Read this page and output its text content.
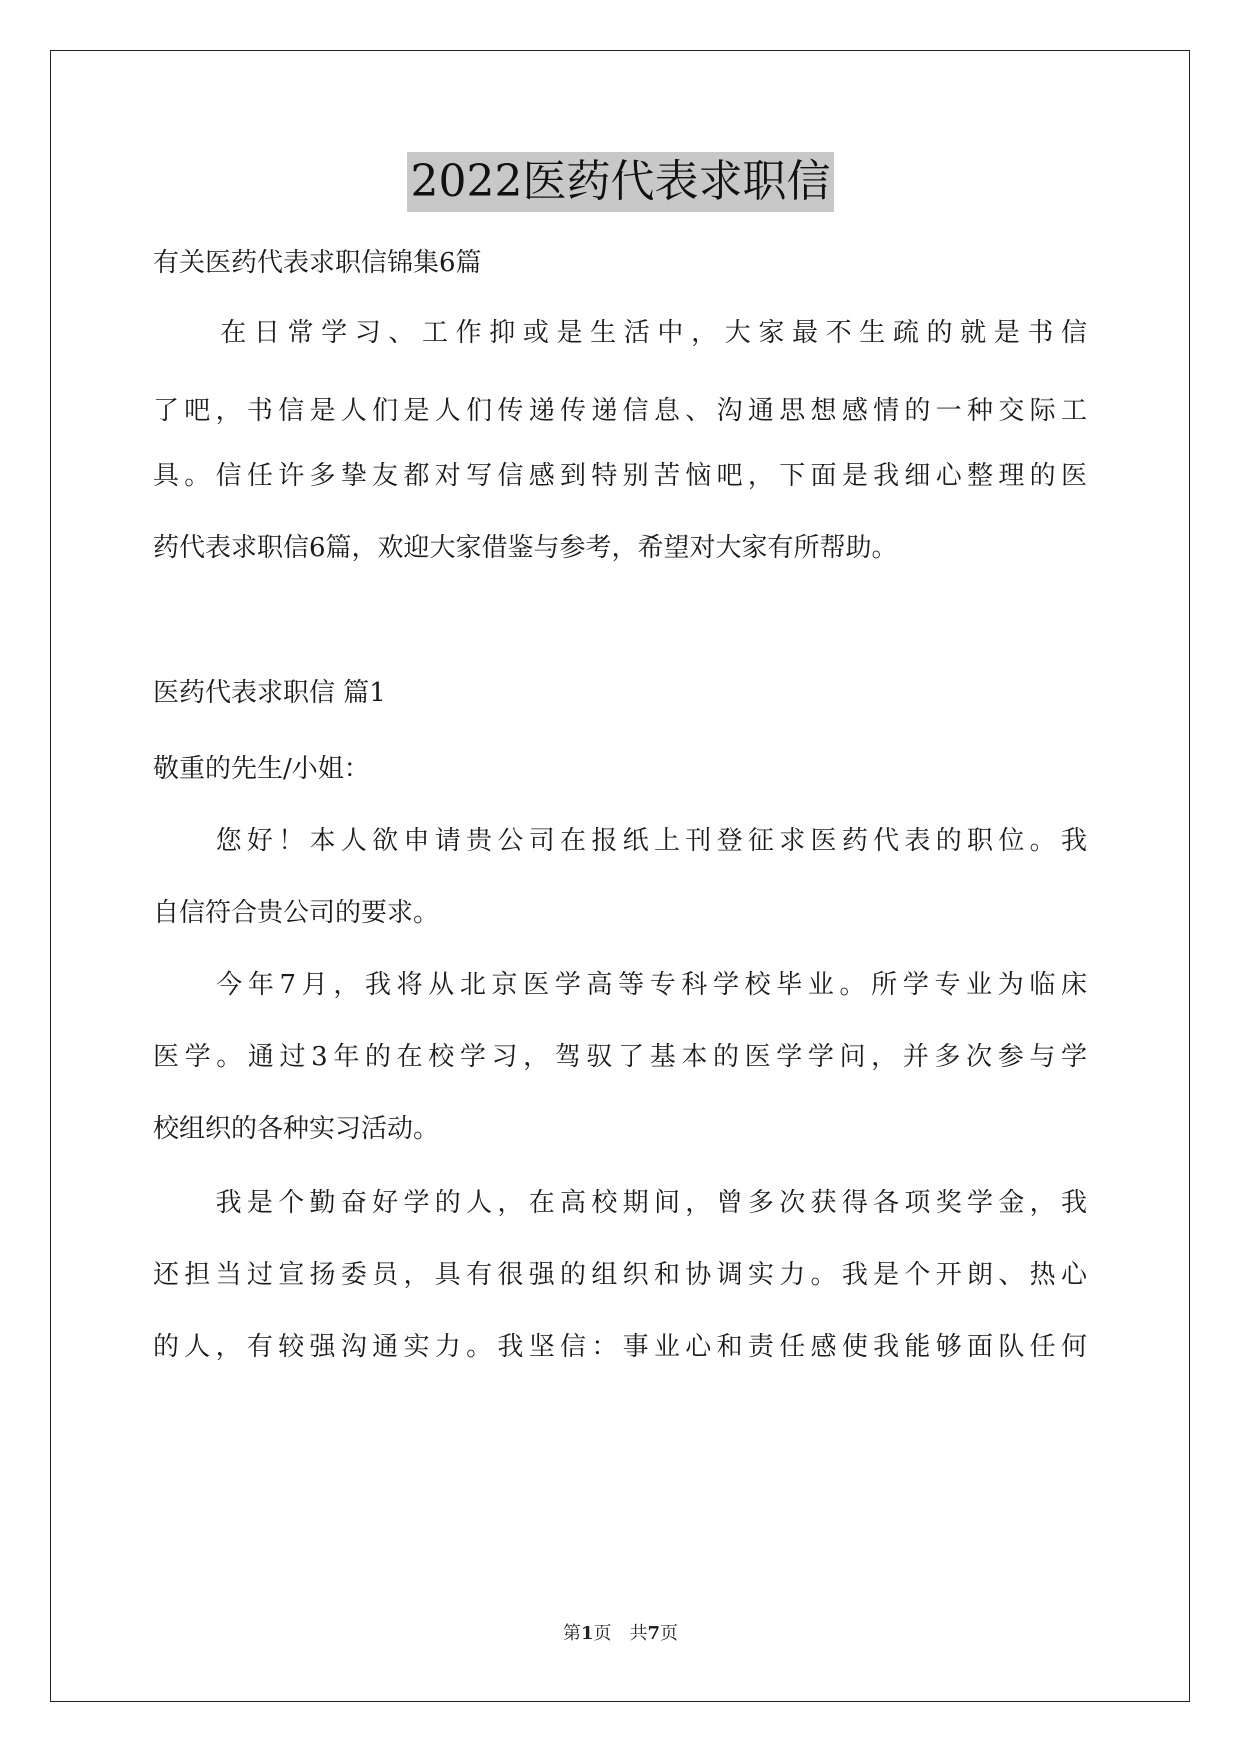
2022医药代表求职信
有关医药代表求职信锦集6篇
　　在日常学习、工作抑或是生活中，大家最不生疏的就是书信
了吧，书信是人们是人们传递传递信息、沟通思想感情的一种交际工
具。信任许多挚友都对写信感到特别苦恼吧，下面是我细心整理的医
药代表求职信6篇，欢迎大家借鉴与参考，希望对大家有所帮助。
医药代表求职信 篇1
敬重的先生/小姐：
　　您好！本人欲申请贵公司在报纸上刊登征求医药代表的职位。我
自信符合贵公司的要求。
　　今年7月，我将从北京医学高等专科学校毕业。所学专业为临床
医学。通过3年的在校学习，驾驭了基本的医学学问，并多次参与学
校组织的各种实习活动。
　　我是个勤奋好学的人，在高校期间，曾多次获得各项奖学金，我
还担当过宣扬委员，具有很强的组织和协调实力。我是个开朗、热心
的人，有较强沟通实力。我坚信：事业心和责任感使我能够面队任何
第1页 共7页
